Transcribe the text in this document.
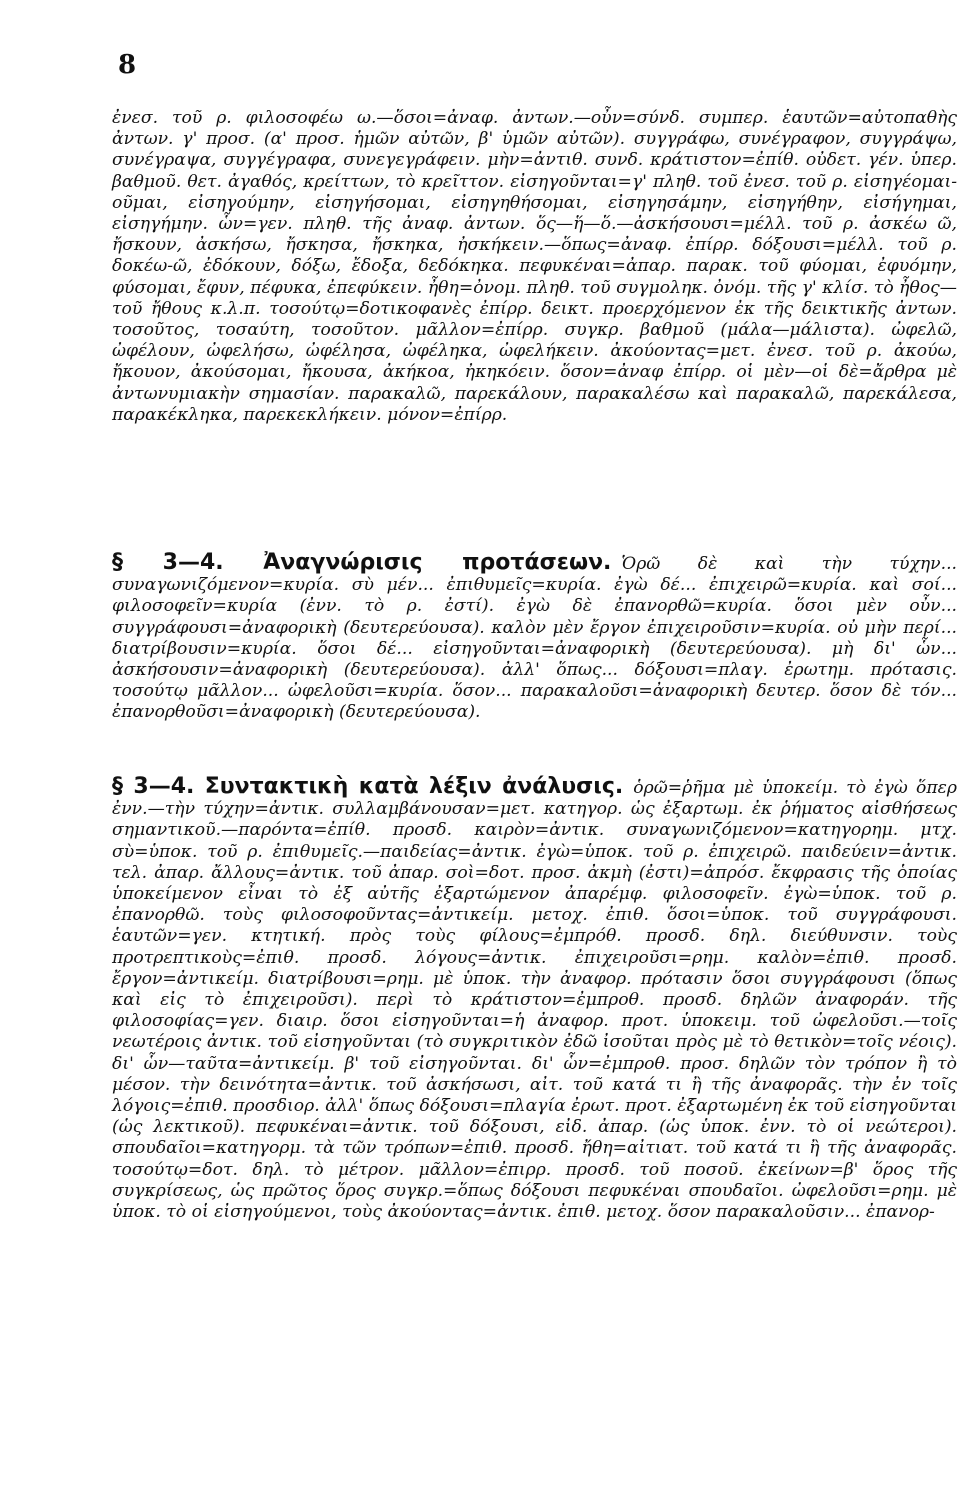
8

ἐνεσ. τοῦ ρ. φιλοσοφέω ω.—ὅσοι=ἀναφ. ἀντων.—οὖν=σύνδ. συμπερ. ἑαυτῶν=αὐτοπαθὴς ἀντων. γ' προσ. (α' προσ. ἡμῶν αὐτῶν, β' ὑμῶν αὐτῶν). συγγράφω, συνέγραφον, συγγράψω, συνέγραψα, συγγέγραφα, συνεγεγράφειν. μὴν=ἀντιθ. συνδ. κράτιστον=ἐπίθ. οὐδετ. γέν. ὑπερ. βαθμοῦ. θετ. ἀγαθός, κρείττων, τὸ κρεῖττον. εἰσηγοῦνται=γ' πληθ. τοῦ ἐνεσ. τοῦ ρ. εἰσηγέομαι-οῦμαι, εἰσηγούμην, εἰσηγήσομαι, εἰσηγηθήσομαι, εἰσηγησάμην, εἰσηγήθην, εἰσήγημαι, εἰσηγήμην. ὧν=γεν. πληθ. τῆς ἀναφ. ἀντων. ὅς—ἥ—ὅ.—ἀσκήσουσι=μέλλ. τοῦ ρ. ἀσκέω ῶ, ἤσκουν, ἀσκήσω, ἤσκησα, ἤσκηκα, ἠσκήκειν.—ὅπως=ἀναφ. ἐπίρρ. δόξουσι=μέλλ. τοῦ ρ. δοκέω-ῶ, ἐδόκουν, δόξω, ἔδοξα, δεδόκηκα. πεφυκέναι=ἀπαρ. παρακ. τοῦ φύομαι, ἐφυόμην, φύσομαι, ἔφυν, πέφυκα, ἐπεφύκειν. ἦθη=ὀνομ. πληθ. τοῦ συγμοληκ. ὀνόμ. τῆς γ' κλίσ. τὸ ἦθος—τοῦ ἤθους κ.λ.π. τοσούτῳ=δοτικοφανὲς ἐπίρρ. δεικτ. προερχόμενον ἐκ τῆς δεικτικῆς ἀντων. τοσοῦτος, τοσαύτη, τοσοῦτον. μᾶλλον=ἐπίρρ. συγκρ. βαθμοῦ (μάλα—μάλιστα). ὠφελῶ, ὠφέλουν, ὠφελήσω, ὠφέλησα, ὠφέληκα, ὠφελήκειν. ἀκούοντας=μετ. ἐνεσ. τοῦ ρ. ἀκούω, ἤκουον, ἀκούσομαι, ἤκουσα, ἀκήκοα, ἠκηκόειν. ὅσον=ἀναφ ἐπίρρ. οἱ μὲν—οἱ δὲ=ἄρθρα μὲ ἀντωνυμιακὴν σημασίαν. παρακαλῶ, παρεκάλουν, παρακαλέσω καὶ παρακαλῶ, παρεκάλεσα, παρακέκληκα, παρεκεκλήκειν. μόνον=ἐπίρρ.

§ 3—4. Ἀναγνώρισις προτάσεων. Ὁρῶ δὲ καὶ τὴν τύχην... συναγωνιζόμενον=κυρία. σὺ μέν... ἐπιθυμεῖς=κυρία. ἐγὼ δέ... ἐπιχειρῶ=κυρία. καὶ σοί... φιλοσοφεῖν=κυρία (ἐνν. τὸ ρ. ἐστί). ἐγὼ δὲ ἐπανορθῶ=κυρία. ὅσοι μὲν οὖν... συγγράφουσι=ἀναφορικὴ (δευτερεύουσα). καλὸν μὲν ἔργον ἐπιχειροῦσιν=κυρία. οὐ μὴν περί... διατρίβουσιν=κυρία. ὅσοι δέ... εἰσηγοῦνται=ἀναφορικὴ (δευτερεύουσα). μὴ δι' ὧν... ἀσκήσουσιν=ἀναφορικὴ (δευτερεύουσα). ἀλλ' ὅπως... δόξουσι=πλαγ. ἐρωτημ. πρότασις. τοσούτῳ μᾶλλον... ὠφελοῦσι=κυρία. ὅσον... παρακαλοῦσι=ἀναφορικὴ δευτερ. ὅσον δὲ τόν... ἐπανορθοῦσι=ἀναφορικὴ (δευτερεύουσα).

§ 3—4. Συντακτικὴ κατὰ λέξιν ἀνάλυσις. ὁρῶ=ῥῆμα μὲ ὑποκείμ. τὸ ἐγὼ ὅπερ ἐνν.—τὴν τύχην=ἀντικ. συλλαμβάνουσαν=μετ. κατηγορ. ὡς ἐξαρτωμ. ἐκ ῥήματος αἰσθήσεως σημαντικοῦ.—παρόντα=ἐπίθ. προσδ. καιρὸν=ἀντικ. συναγωνιζόμενον=κατηγορημ. μτχ. σὺ=ὑποκ. τοῦ ρ. ἐπιθυμεῖς.—παιδείας=ἀντικ. ἐγὼ=ὑποκ. τοῦ ρ. ἐπιχειρῶ. παιδεύειν=ἀντικ. τελ. ἀπαρ. ἄλλους=ἀντικ. τοῦ ἀπαρ. σοὶ=δοτ. προσ. ἀκμὴ (ἐστι)=ἀπρόσ. ἔκφρασις τῆς ὁποίας ὑποκείμενον εἶναι τὸ ἐξ αὐτῆς ἐξαρτώμενον ἀπαρέμφ. φιλοσοφεῖν. ἐγὼ=ὑποκ. τοῦ ρ. ἐπανορθῶ. τοὺς φιλοσοφοῦντας=ἀντικείμ. μετοχ. ἐπιθ. ὅσοι=ὑποκ. τοῦ συγγράφουσι. ἑαυτῶν=γεν. κτητική. πρὸς τοὺς φίλους=ἐμπρόθ. προσδ. δηλ. διεύθυνσιν. τοὺς προτρεπτικοὺς=ἐπιθ. προσδ. λόγους=ἀντικ. ἐπιχειροῦσι=ρημ. καλὸν=ἐπιθ. προσδ. ἔργον=ἀντικείμ. διατρίβουσι=ρημ. μὲ ὑποκ. τὴν ἀναφορ. πρότασιν ὅσοι συγγράφουσι (ὅπως καὶ εἰς τὸ ἐπιχειροῦσι). περὶ τὸ κράτιστον=ἐμπροθ. προσδ. δηλῶν ἀναφοράν. τῆς φιλοσοφίας=γεν. διαιρ. ὅσοι εἰσηγοῦνται=ἡ ἀναφορ. προτ. ὑποκειμ. τοῦ ὠφελοῦσι.—τοῖς νεωτέροις ἀντικ. τοῦ εἰσηγοῦνται (τὸ συγκριτικὸν ἐδῶ ἰσοῦται πρὸς μὲ τὸ θετικὸν=τοῖς νέοις). δι' ὧν—ταῦτα=ἀντικείμ. β' τοῦ εἰσηγοῦνται. δι' ὧν=ἐμπροθ. προσ. δηλῶν τὸν τρόπον ἢ τὸ μέσον. τὴν δεινότητα=ἀντικ. τοῦ ἀσκήσωσι, αἰτ. τοῦ κατά τι ἢ τῆς ἀναφορᾶς. τὴν ἐν τοῖς λόγοις=ἐπιθ. προσδιορ. ἀλλ' ὅπως δόξουσι=πλαγία ἐρωτ. προτ. ἐξαρτωμένη ἐκ τοῦ εἰσηγοῦνται (ὡς λεκτικοῦ). πεφυκέναι=ἀντικ. τοῦ δόξουσι, εἰδ. ἀπαρ. (ὡς ὑποκ. ἐνν. τὸ οἱ νεώτεροι). σπουδαῖοι=κατηγορμ. τὰ τῶν τρόπων=ἐπιθ. προσδ. ἤθη=αἰτιατ. τοῦ κατά τι ἢ τῆς ἀναφορᾶς. τοσούτῳ=δοτ. δηλ. τὸ μέτρον. μᾶλλον=ἐπιρρ. προσδ. τοῦ ποσοῦ. ἐκείνων=β' ὅρος τῆς συγκρίσεως, ὡς πρῶτος ὅρος συγκρ.=ὅπως δόξουσι πεφυκέναι σπουδαῖοι. ὠφελοῦσι=ρημ. μὲ ὑποκ. τὸ οἱ εἰσηγούμενοι, τοὺς ἀκούοντας=ἀντικ. ἐπιθ. μετοχ. ὅσον παρακαλοῦσιν... ἐπανορ-
